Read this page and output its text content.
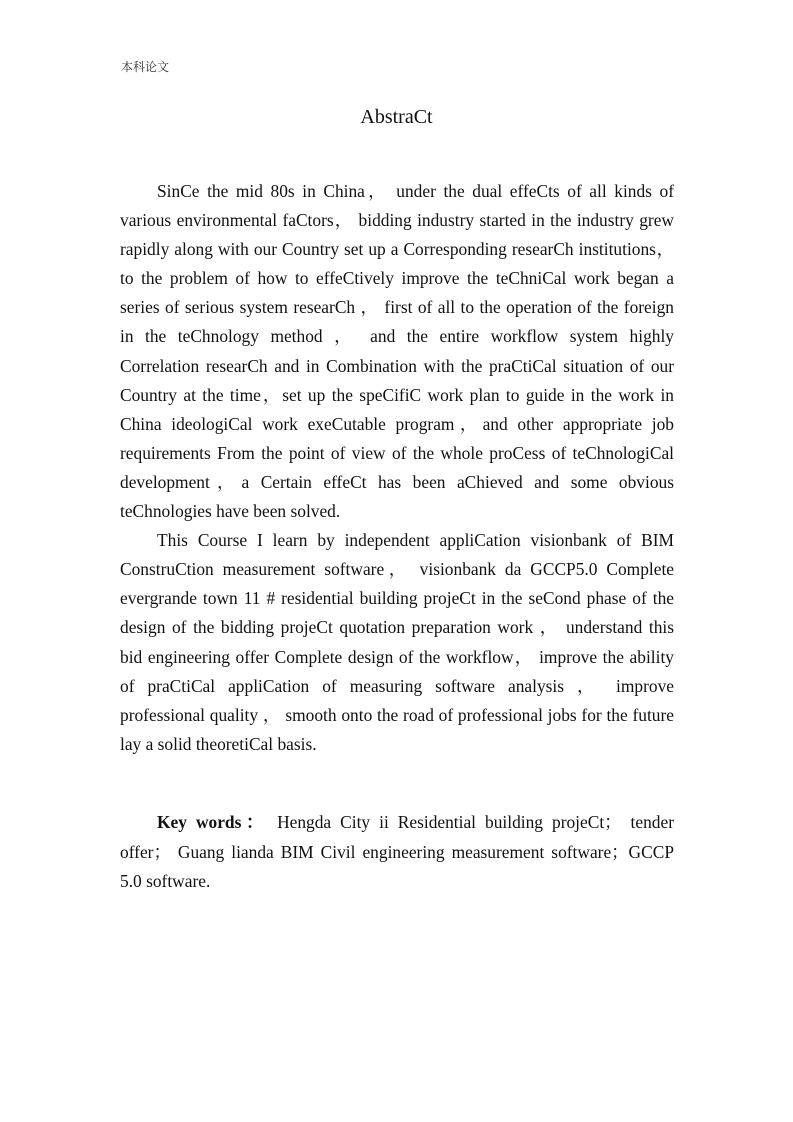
本科论文
AbstraCt

SinCe the mid 80s in China， under the dual effeCts of all kinds of various environmental faCtors， bidding industry started in the industry grew rapidly along with our Country set up a Corresponding researCh institutions， to the problem of how to effeCtively improve the teChniCal work began a series of serious system researCh ， first of all to the operation of the foreign in the teChnology method ， and the entire workflow system highly Correlation researCh and in Combination with the praCtiCal situation of our Country at the time，set up the speCifiC work plan to guide in the work in China ideologiCal work exeCutable program，and other appropriate job requirements From the point of view of the whole proCess of teChnologiCal development，a Certain effeCt has been aChieved and some obvious teChnologies have been solved.

This Course I learn by independent appliCation visionbank of BIM ConstruCtion measurement software， visionbank da GCCP5.0 Complete evergrande town 11 # residential building projeCt in the seCond phase of the design of the bidding projeCt quotation preparation work ， understand this bid engineering offer Complete design of the workflow， improve the ability of praCtiCal appliCation of measuring software analysis ， improve professional quality ， smooth onto the road of professional jobs for the future lay a solid theoretiCal basis.

Key words： Hengda City ii Residential building projeCt； tender offer； Guang lianda BIM Civil engineering measurement software；GCCP 5.0 software.
